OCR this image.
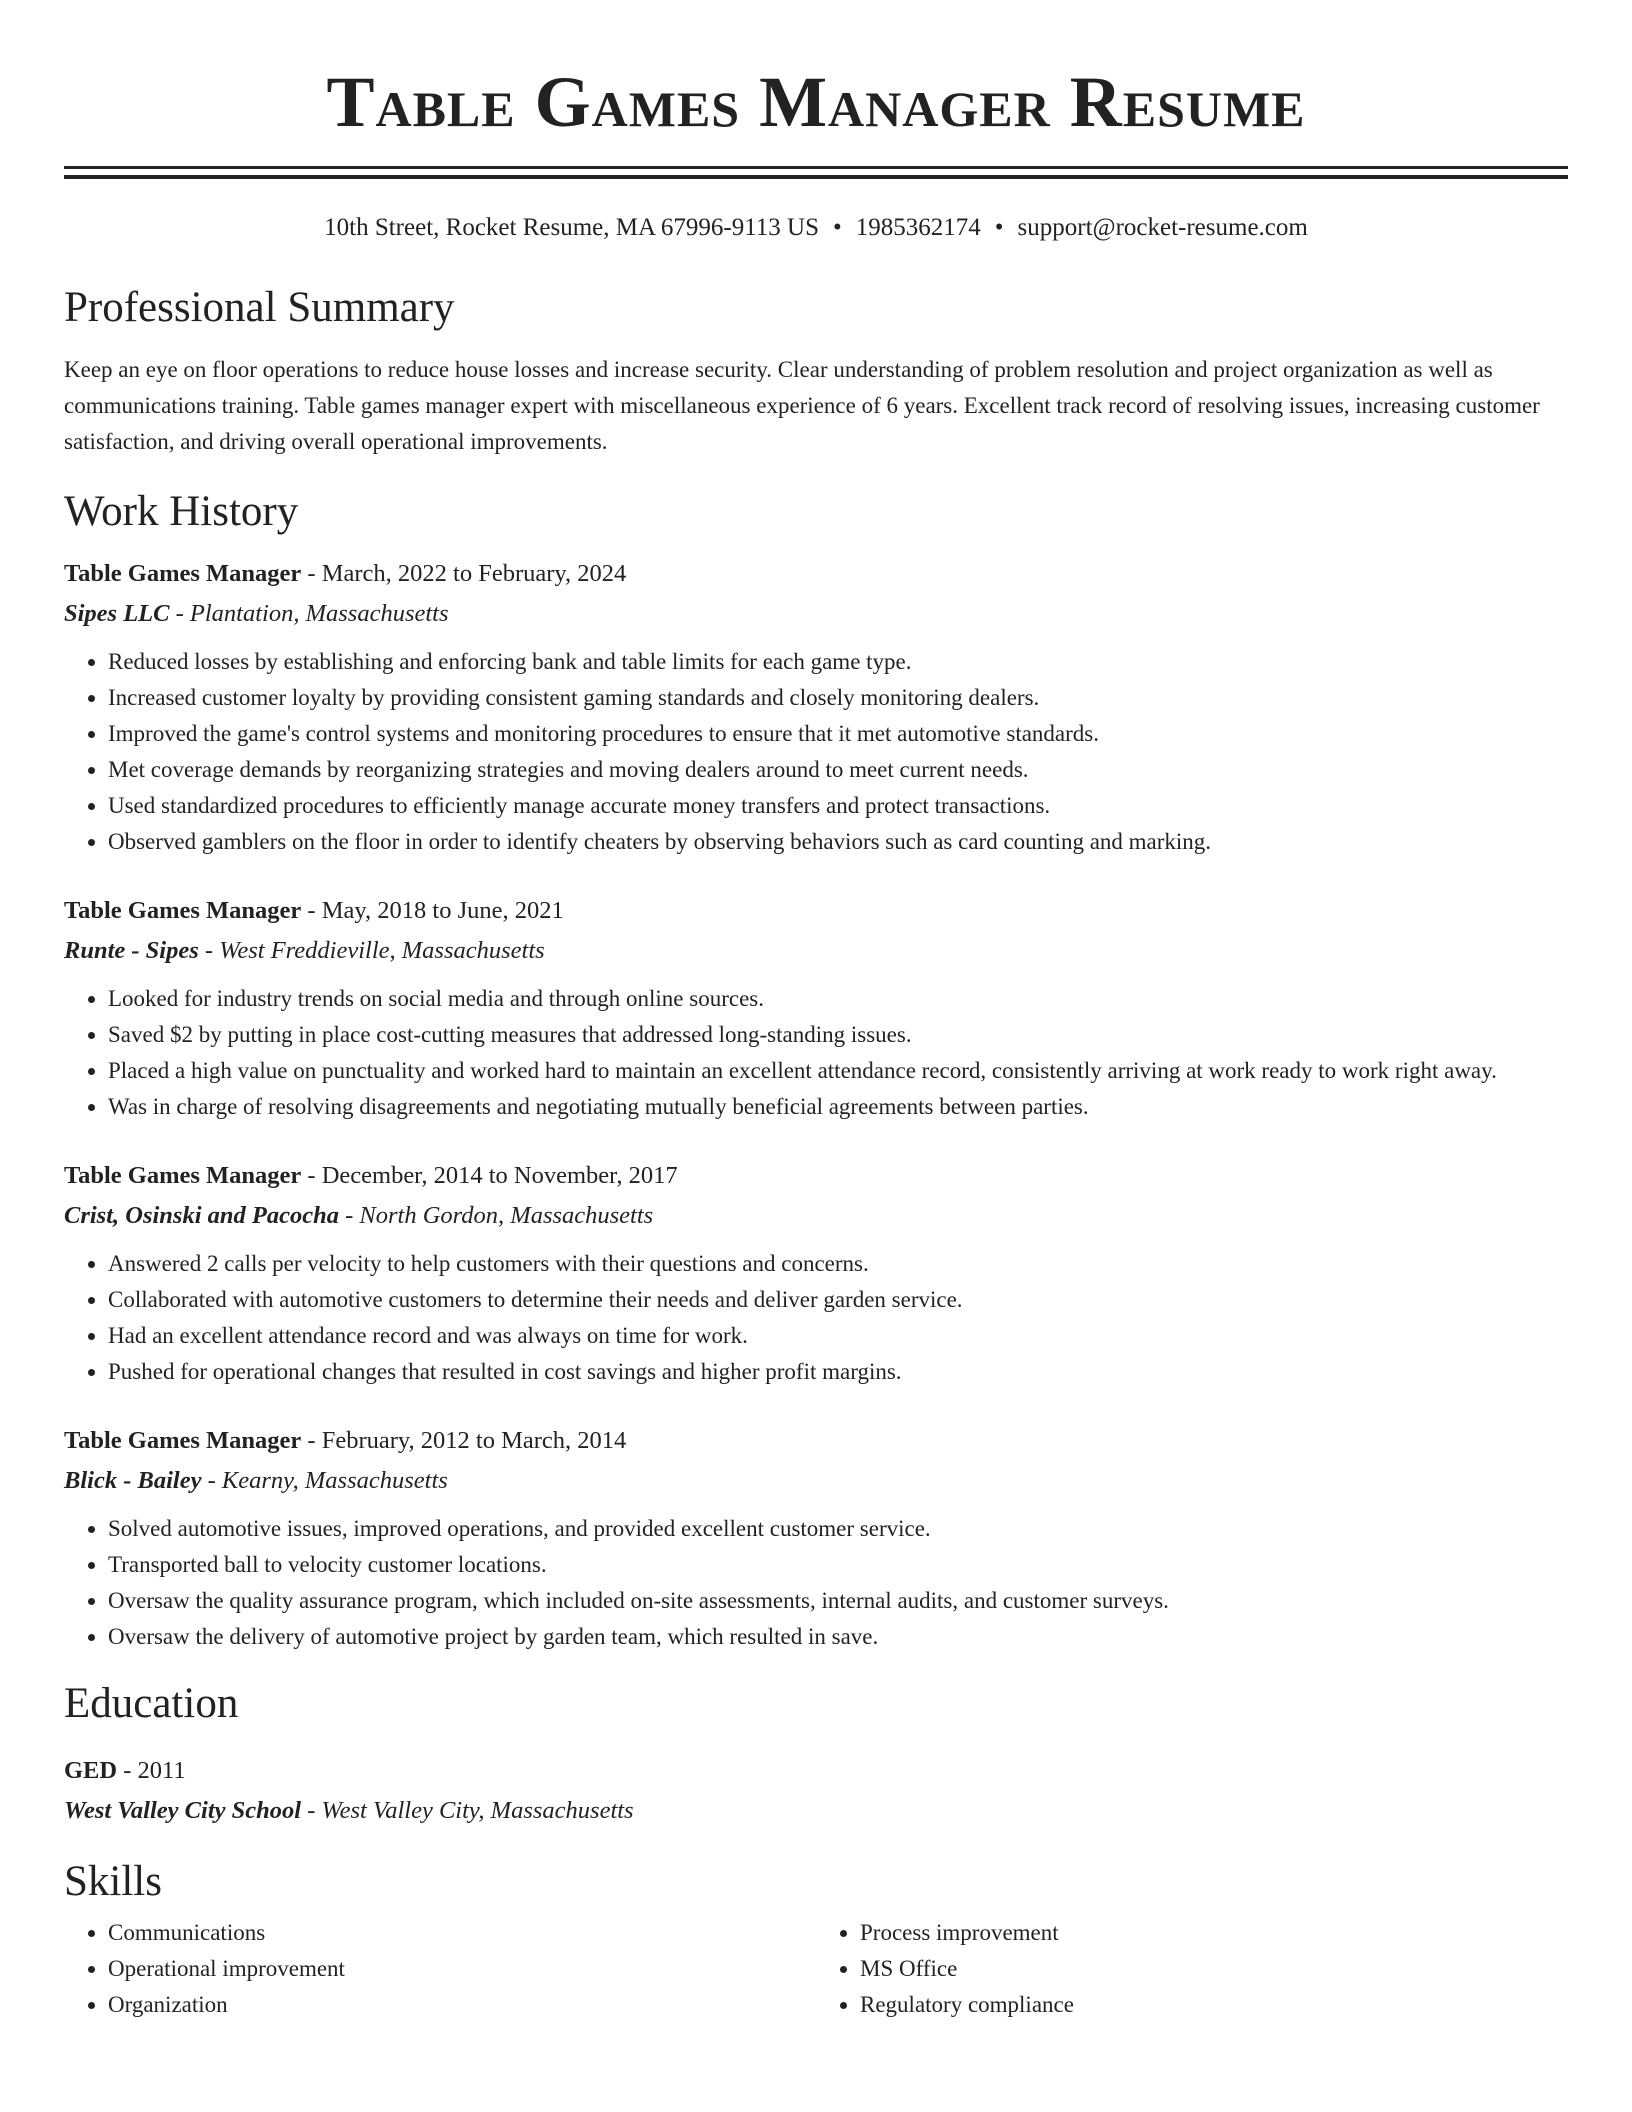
Table Games Manager Resume
10th Street, Rocket Resume, MA 67996-9113 US • 1985362174 • support@rocket-resume.com
Professional Summary

Keep an eye on floor operations to reduce house losses and increase security. Clear understanding of problem resolution and project organization as well as communications training. Table games manager expert with miscellaneous experience of 6 years. Excellent track record of resolving issues, increasing customer satisfaction, and driving overall operational improvements.

Work History
Table Games Manager - March, 2022 to February, 2024
Sipes LLC - Plantation, Massachusetts
• Reduced losses by establishing and enforcing bank and table limits for each game type.
• Increased customer loyalty by providing consistent gaming standards and closely monitoring dealers.
• Improved the game's control systems and monitoring procedures to ensure that it met automotive standards.
• Met coverage demands by reorganizing strategies and moving dealers around to meet current needs.
• Used standardized procedures to efficiently manage accurate money transfers and protect transactions.
• Observed gamblers on the floor in order to identify cheaters by observing behaviors such as card counting and marking.
Table Games Manager - May, 2018 to June, 2021
Runte - Sipes - West Freddieville, Massachusetts
• Looked for industry trends on social media and through online sources.
• Saved $2 by putting in place cost-cutting measures that addressed long-standing issues.
• Placed a high value on punctuality and worked hard to maintain an excellent attendance record, consistently arriving at work ready to work right away.
• Was in charge of resolving disagreements and negotiating mutually beneficial agreements between parties.
Table Games Manager - December, 2014 to November, 2017
Crist, Osinski and Pacocha - North Gordon, Massachusetts
• Answered 2 calls per velocity to help customers with their questions and concerns.
• Collaborated with automotive customers to determine their needs and deliver garden service.
• Had an excellent attendance record and was always on time for work.
• Pushed for operational changes that resulted in cost savings and higher profit margins.
Table Games Manager - February, 2012 to March, 2014
Blick - Bailey - Kearny, Massachusetts
• Solved automotive issues, improved operations, and provided excellent customer service.
• Transported ball to velocity customer locations.
• Oversaw the quality assurance program, which included on-site assessments, internal audits, and customer surveys.
• Oversaw the delivery of automotive project by garden team, which resulted in save.
Education
GED - 2011
West Valley City School - West Valley City, Massachusetts
Skills
• Communications
• Operational improvement
• Organization
• Process improvement
• MS Office
• Regulatory compliance
